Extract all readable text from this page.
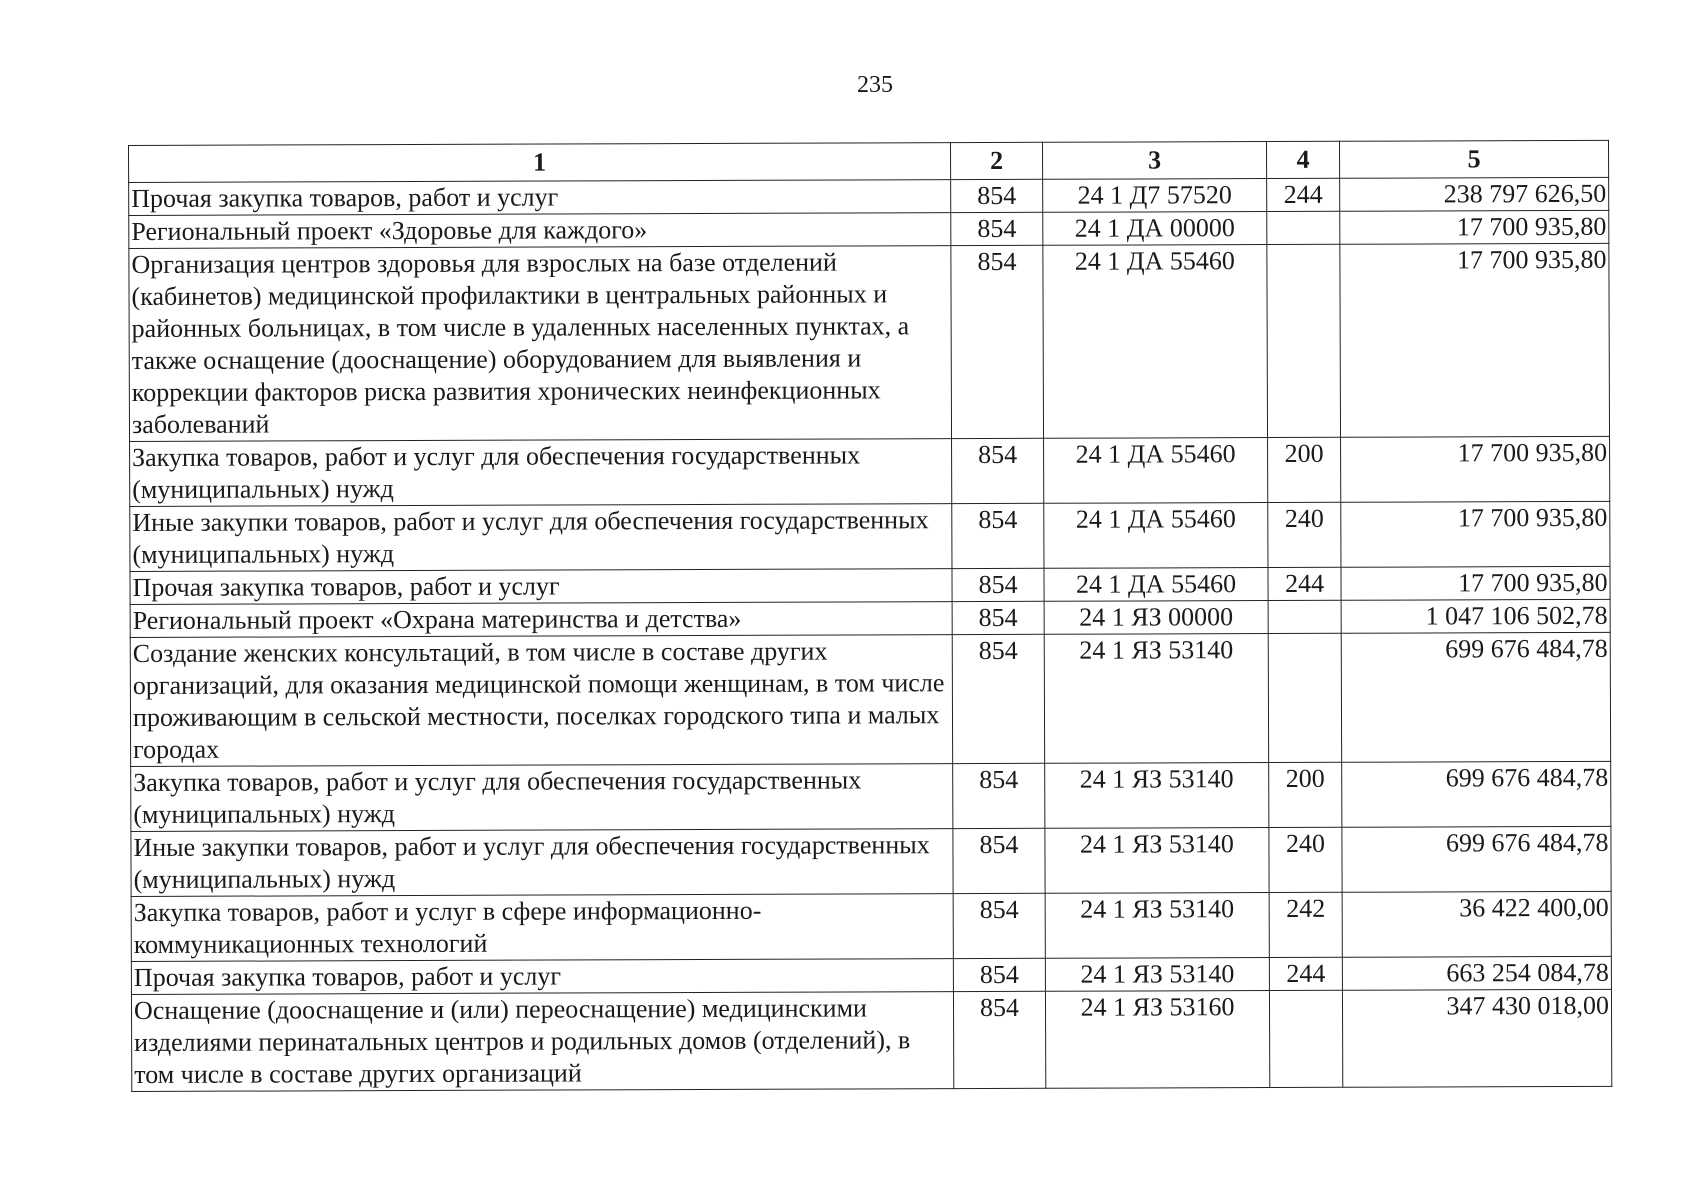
235
1	2	3	4	5
Прочая закупка товаров, работ и услуг	854	24 1 Д7 57520	244	238 797 626,50
Региональный проект «Здоровье для каждого»	854	24 1 ДА 00000		17 700 935,80
Организация центров здоровья для взрослых на базе отделений (кабинетов) медицинской профилактики в центральных районных и районных больницах, в том числе в удаленных населенных пунктах, а также оснащение (дооснащение) оборудованием для выявления и коррекции факторов риска развития хронических неинфекционных заболеваний	854	24 1 ДА 55460		17 700 935,80
Закупка товаров, работ и услуг для обеспечения государственных (муниципальных) нужд	854	24 1 ДА 55460	200	17 700 935,80
Иные закупки товаров, работ и услуг для обеспечения государственных (муниципальных) нужд	854	24 1 ДА 55460	240	17 700 935,80
Прочая закупка товаров, работ и услуг	854	24 1 ДА 55460	244	17 700 935,80
Региональный проект «Охрана материнства и детства»	854	24 1 ЯЗ 00000		1 047 106 502,78
Создание женских консультаций, в том числе в составе других организаций, для оказания медицинской помощи женщинам, в том числе проживающим в сельской местности, поселках городского типа и малых городах	854	24 1 ЯЗ 53140		699 676 484,78
Закупка товаров, работ и услуг для обеспечения государственных (муниципальных) нужд	854	24 1 ЯЗ 53140	200	699 676 484,78
Иные закупки товаров, работ и услуг для обеспечения государственных (муниципальных) нужд	854	24 1 ЯЗ 53140	240	699 676 484,78
Закупка товаров, работ и услуг в сфере информационно-коммуникационных технологий	854	24 1 ЯЗ 53140	242	36 422 400,00
Прочая закупка товаров, работ и услуг	854	24 1 ЯЗ 53140	244	663 254 084,78
Оснащение (дооснащение и (или) переоснащение) медицинскими изделиями перинатальных центров и родильных домов (отделений), в том числе в составе других организаций	854	24 1 ЯЗ 53160		347 430 018,00
